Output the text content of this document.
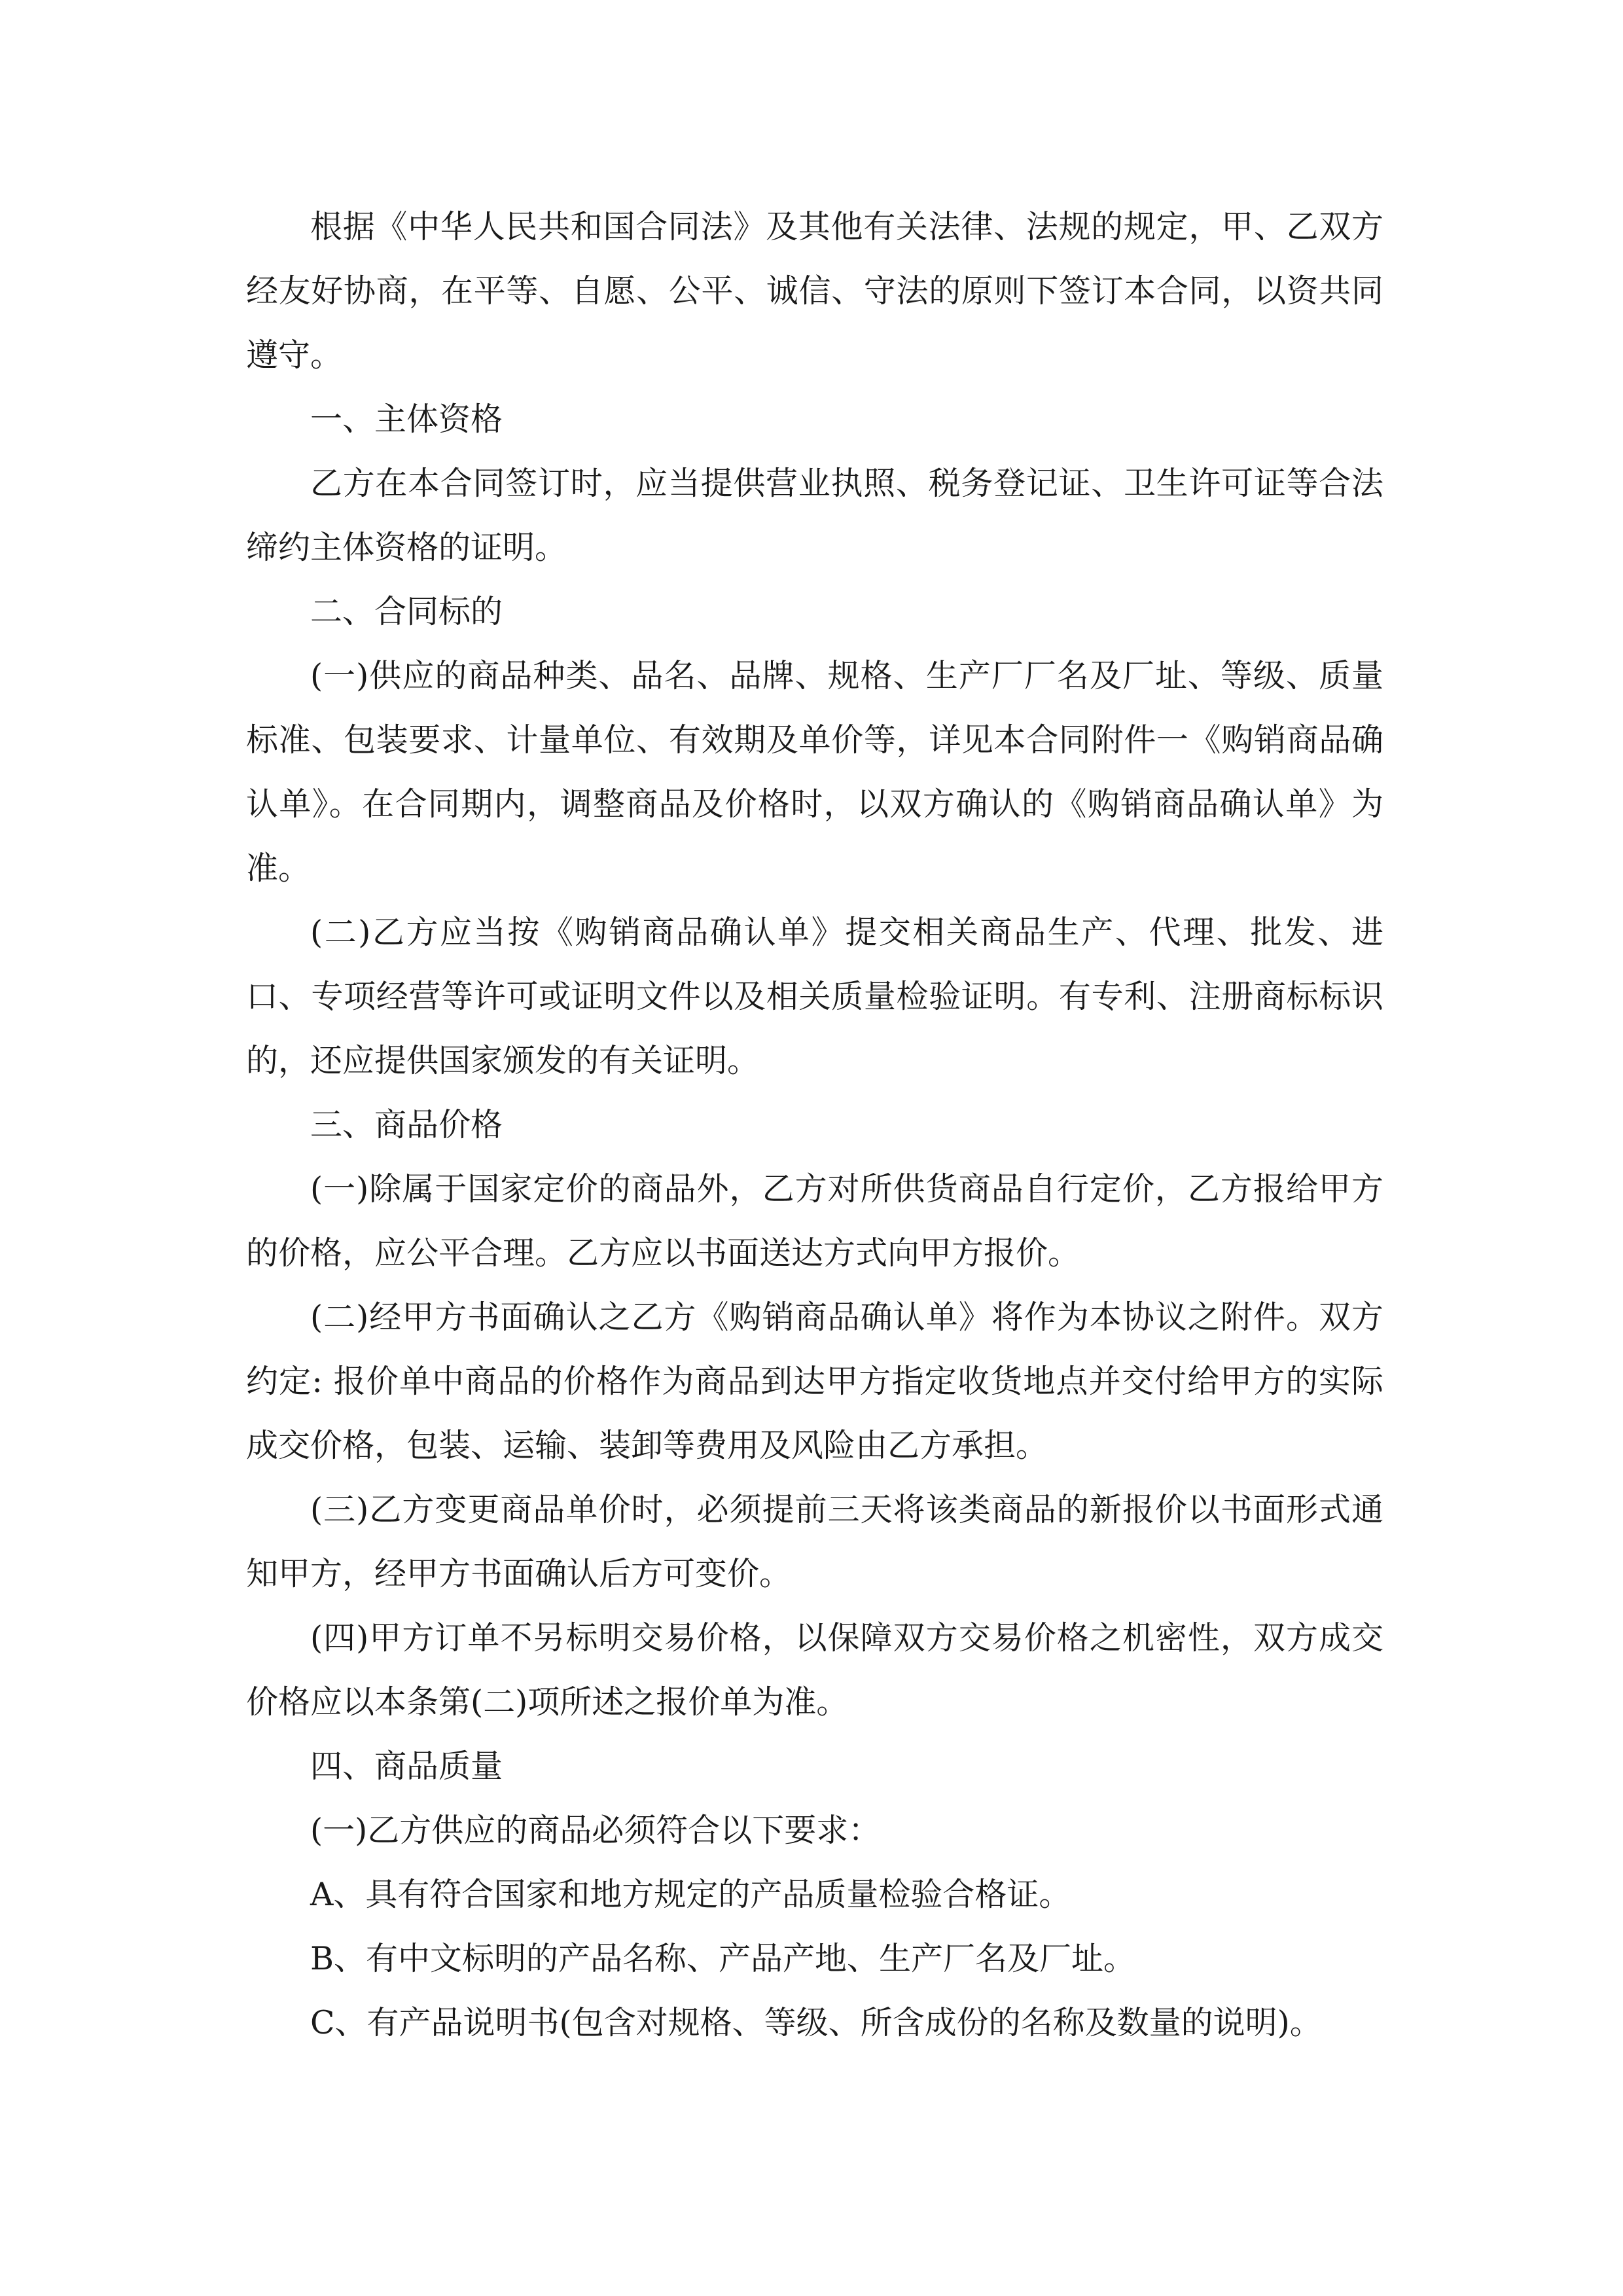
根据《中华人民共和国合同法》及其他有关法律、法规的规定，甲、乙双方经友好协商，在平等、自愿、公平、诚信、守法的原则下签订本合同，以资共同遵守。

一、主体资格

乙方在本合同签订时，应当提供营业执照、税务登记证、卫生许可证等合法缔约主体资格的证明。

二、合同标的

(一)供应的商品种类、品名、品牌、规格、生产厂厂名及厂址、等级、质量标准、包装要求、计量单位、有效期及单价等，详见本合同附件一《购销商品确认单》。在合同期内，调整商品及价格时，以双方确认的《购销商品确认单》为准。

(二)乙方应当按《购销商品确认单》提交相关商品生产、代理、批发、进口、专项经营等许可或证明文件以及相关质量检验证明。有专利、注册商标标识的，还应提供国家颁发的有关证明。

三、商品价格

(一)除属于国家定价的商品外，乙方对所供货商品自行定价，乙方报给甲方的价格，应公平合理。乙方应以书面送达方式向甲方报价。

(二)经甲方书面确认之乙方《购销商品确认单》将作为本协议之附件。双方约定: 报价单中商品的价格作为商品到达甲方指定收货地点并交付给甲方的实际成交价格，包装、运输、装卸等费用及风险由乙方承担。

(三)乙方变更商品单价时，必须提前三天将该类商品的新报价以书面形式通知甲方，经甲方书面确认后方可变价。

(四)甲方订单不另标明交易价格，以保障双方交易价格之机密性，双方成交价格应以本条第(二)项所述之报价单为准。

四、商品质量

(一)乙方供应的商品必须符合以下要求：

A、具有符合国家和地方规定的产品质量检验合格证。

B、有中文标明的产品名称、产品产地、生产厂名及厂址。

C、有产品说明书(包含对规格、等级、所含成份的名称及数量的说明)。
